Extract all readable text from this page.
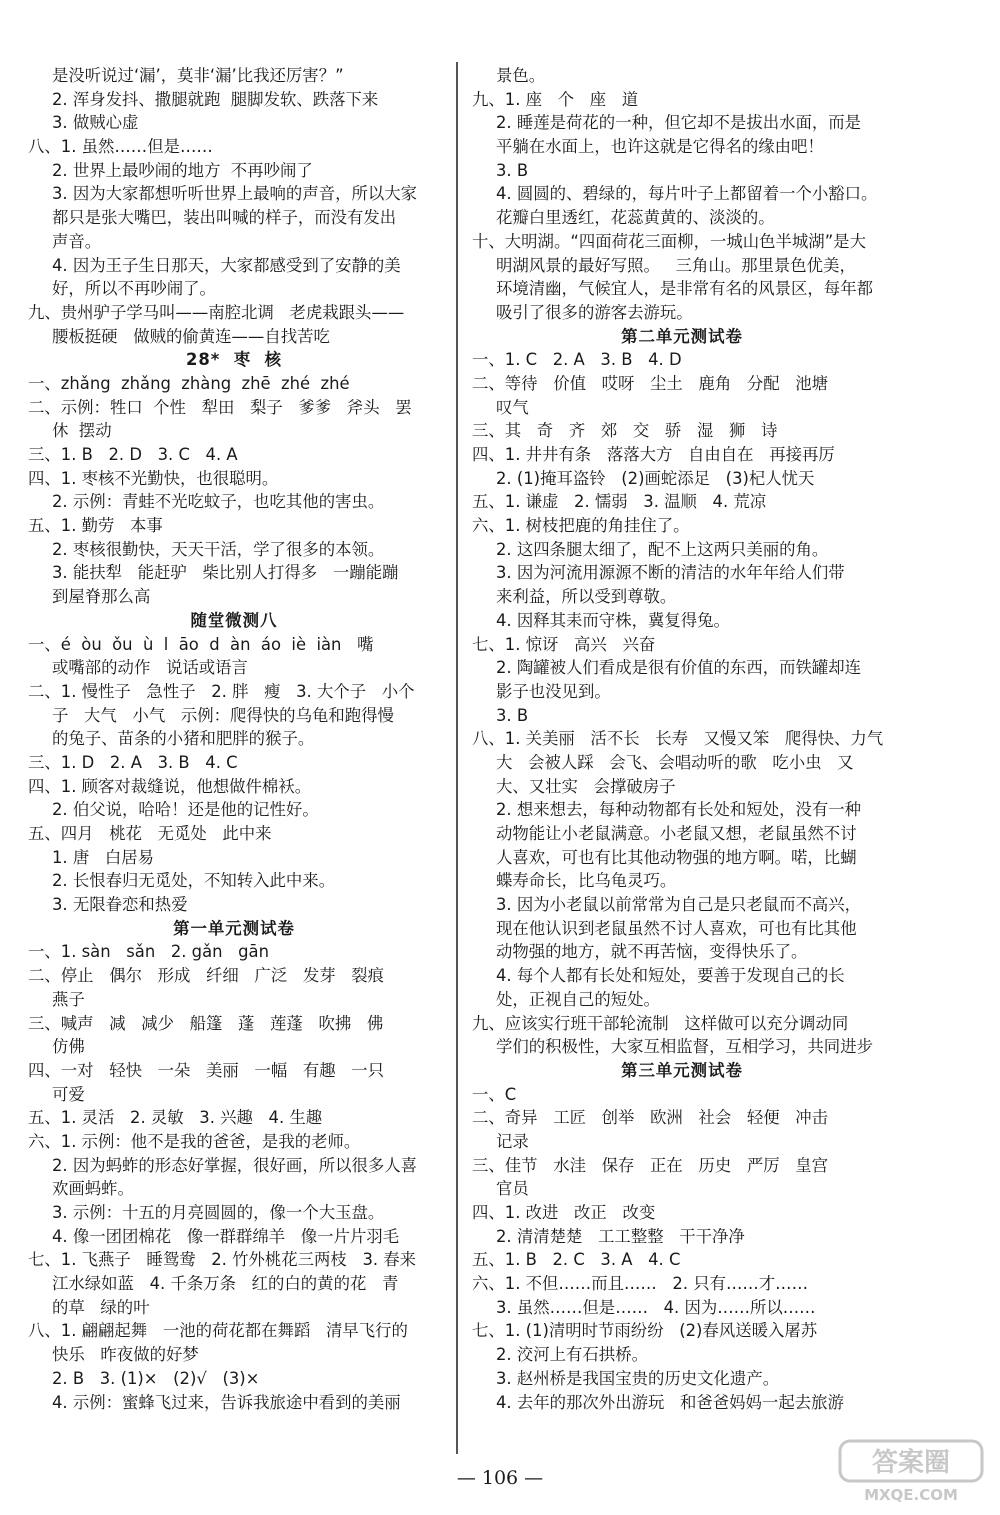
是没听说过‘漏’，莫非‘漏’比我还厉害？”
2. 浑身发抖、撒腿就跑  腿脚发软、跌落下来
3. 做贼心虚
八、1. 虽然……但是……
2. 世界上最吵闹的地方  不再吵闹了
3. 因为大家都想听听世界上最响的声音，所以大家
都只是张大嘴巴，装出叫喊的样子，而没有发出
声音。
4. 因为王子生日那天，大家都感受到了安静的美
好，所以不再吵闹了。
九、贵州驴子学马叫——南腔北调   老虎栽跟头——
腰板挺硬   做贼的偷黄连——自找苦吃
28*  枣  核
一、zhǎng  zhǎng  zhàng  zhē  zhé  zhé
二、示例：牲口  个性   犁田   梨子   爹爹   斧头   罢
休  摆动
三、1. B   2. D   3. C   4. A
四、1. 枣核不光勤快，也很聪明。
2. 示例：青蛙不光吃蚊子，也吃其他的害虫。
五、1. 勤劳   本事
2. 枣核很勤快，天天干活，学了很多的本领。
3. 能扶犁   能赶驴   柴比别人打得多   一蹦能蹦
到屋脊那么高
随堂微测八
一、é  òu  ǒu  ù  l  āo  d  àn  áo  iè  iàn   嘴
或嘴部的动作   说话或语言
二、1. 慢性子   急性子   2. 胖   瘦   3. 大个子   小个
子   大气   小气   示例：爬得快的乌龟和跑得慢
的兔子、苗条的小猪和肥胖的猴子。
三、1. D   2. A   3. B   4. C
四、1. 顾客对裁缝说，他想做件棉袄。
2. 伯父说，哈哈！还是他的记性好。
五、四月   桃花   无觅处   此中来
1. 唐   白居易
2. 长恨春归无觅处，不知转入此中来。
3. 无限眷恋和热爱
第一单元测试卷
一、1. sàn   sǎn   2. gǎn   gān
二、停止   偶尔   形成   纤细   广泛   发芽   裂痕
燕子
三、喊声   减   减少   船篷   蓬   莲蓬   吹拂   佛
仿佛
四、一对   轻快   一朵   美丽   一幅   有趣   一只
可爱
五、1. 灵活   2. 灵敏   3. 兴趣   4. 生趣
六、1. 示例：他不是我的爸爸，是我的老师。
2. 因为蚂蚱的形态好掌握，很好画，所以很多人喜
欢画蚂蚱。
3. 示例：十五的月亮圆圆的，像一个大玉盘。
4. 像一团团棉花   像一群群绵羊   像一片片羽毛
七、1. 飞燕子   睡鸳鸯   2. 竹外桃花三两枝   3. 春来
江水绿如蓝   4. 千条万条   红的白的黄的花   青
的草   绿的叶
八、1. 翩翩起舞   一池的荷花都在舞蹈   清早飞行的
快乐   昨夜做的好梦
2. B   3. (1)×   (2)√   (3)×
4. 示例：蜜蜂飞过来，告诉我旅途中看到的美丽
景色。
九、1. 座   个   座   道
2. 睡莲是荷花的一种，但它却不是拔出水面，而是
平躺在水面上，也许这就是它得名的缘由吧！
3. B
4. 圆圆的、碧绿的，每片叶子上都留着一个小豁口。
花瓣白里透红，花蕊黄黄的、淡淡的。
十、大明湖。“四面荷花三面柳，一城山色半城湖”是大
明湖风景的最好写照。   三角山。那里景色优美，
环境清幽，气候宜人，是非常有名的风景区，每年都
吸引了很多的游客去游玩。
第二单元测试卷
一、1. C   2. A   3. B   4. D
二、等待   价值   哎呀   尘土   鹿角   分配   池塘
叹气
三、其   奇   齐   郊   交   骄   湿   狮   诗
四、1. 井井有条   落落大方   自由自在   再接再厉
2. (1)掩耳盗铃   (2)画蛇添足   (3)杞人忧天
五、1. 谦虚   2. 懦弱   3. 温顺   4. 荒凉
六、1. 树枝把鹿的角挂住了。
2. 这四条腿太细了，配不上这两只美丽的角。
3. 因为河流用源源不断的清洁的水年年给人们带
来利益，所以受到尊敬。
4. 因释其耒而守株，冀复得兔。
七、1. 惊讶   高兴   兴奋
2. 陶罐被人们看成是很有价值的东西，而铁罐却连
影子也没见到。
3. B
八、1. 关美丽   活不长   长寿   又慢又笨   爬得快、力气
大   会被人踩   会飞、会唱动听的歌   吃小虫   又
大、又壮实   会撑破房子
2. 想来想去，每种动物都有长处和短处，没有一种
动物能让小老鼠满意。小老鼠又想，老鼠虽然不讨
人喜欢，可也有比其他动物强的地方啊。喏，比蝴
蝶寿命长，比乌龟灵巧。
3. 因为小老鼠以前常常为自己是只老鼠而不高兴，
现在他认识到老鼠虽然不讨人喜欢，可也有比其他
动物强的地方，就不再苦恼，变得快乐了。
4. 每个人都有长处和短处，要善于发现自己的长
处，正视自己的短处。
九、应该实行班干部轮流制   这样做可以充分调动同
学们的积极性，大家互相监督，互相学习，共同进步
第三单元测试卷
一、C
二、奇异   工匠   创举   欧洲   社会   轻便   冲击
记录
三、佳节   水洼   保存   正在   历史   严厉   皇宫
官员
四、1. 改进   改正   改变
2. 清清楚楚   工工整整   干干净净
五、1. B   2. C   3. A   4. C
六、1. 不但……而且……   2. 只有……才……
3. 虽然……但是……   4. 因为……所以……
七、1. (1)清明时节雨纷纷   (2)春风送暖入屠苏
2. 洨河上有石拱桥。
3. 赵州桥是我国宝贵的历史文化遗产。
4. 去年的那次外出游玩   和爸爸妈妈一起去旅游
— 106 —	答案圈
MXQE.COM
